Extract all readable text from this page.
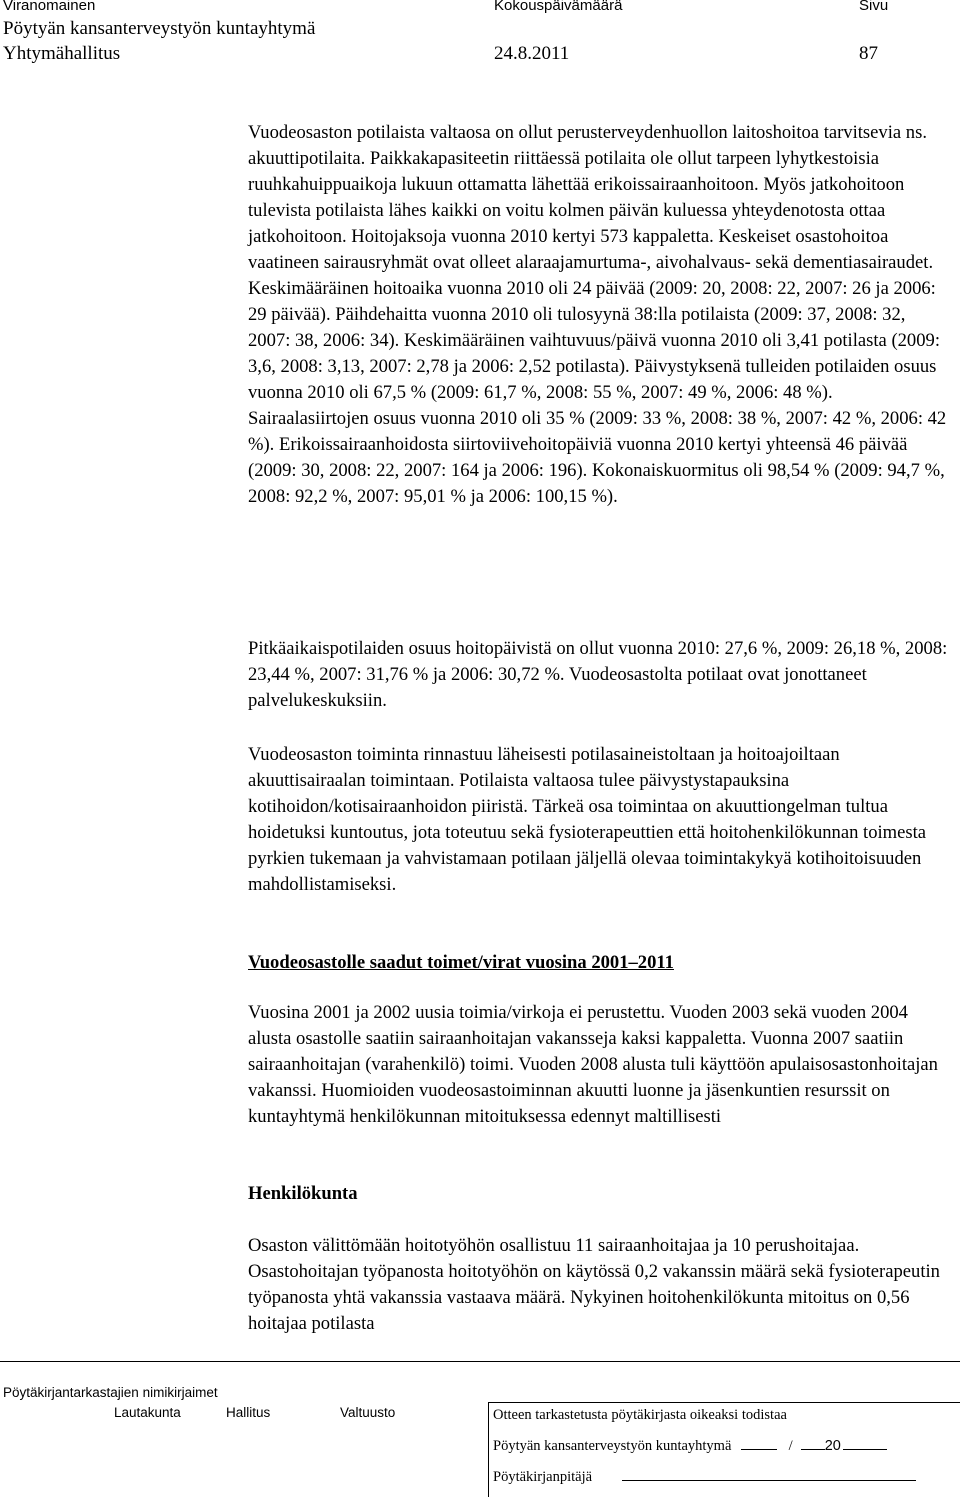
Viranomainen	Kokouspäivämäärä	Sivu
Pöytyän kansanterveystyön kuntayhtymä
Yhtymähallitus	24.8.2011	87

Vuodeosaston potilaista valtaosa on ollut perusterveydenhuollon laitoshoitoa tarvitsevia ns. akuuttipotilaita. Paikkakapasiteetin riittäessä potilaita ole ollut tarpeen lyhytkestoisia ruuhkahuippuaikoja lukuun ottamatta lähettää erikoissairaanhoitoon. Myös jatkohoitoon tulevista potilaista lähes kaikki on voitu kolmen päivän kuluessa yhteydenotosta ottaa jatkohoitoon. Hoitojaksoja vuonna 2010 kertyi 573 kappaletta. Keskeiset osastohoitoa vaatineen sairausryhmät ovat olleet alaraajamurtuma-, aivohalvaus- sekä dementiasairaudet. Keskimääräinen hoitoaika vuonna 2010 oli 24 päivää (2009: 20, 2008: 22, 2007: 26 ja 2006: 29 päivää). Päihdehaitta vuonna 2010 oli tulosyynä 38:lla potilaista (2009: 37, 2008: 32, 2007: 38, 2006: 34). Keskimääräinen vaihtuvuus/päivä vuonna 2010 oli 3,41 potilasta (2009: 3,6, 2008: 3,13, 2007: 2,78 ja 2006: 2,52 potilasta). Päivystyksenä tulleiden potilaiden osuus vuonna 2010 oli 67,5 % (2009: 61,7 %, 2008: 55 %, 2007: 49 %, 2006: 48 %). Sairaalasiirtojen osuus vuonna 2010 oli 35 % (2009: 33 %, 2008: 38 %, 2007: 42 %, 2006: 42 %). Erikoissairaanhoidosta siirtoviivehoitopäiviä vuonna 2010 kertyi yhteensä 46 päivää (2009: 30, 2008: 22, 2007: 164 ja 2006: 196). Kokonaiskuormitus oli 98,54 % (2009: 94,7 %, 2008: 92,2 %, 2007: 95,01 % ja 2006: 100,15 %).

Pitkäaikaispotilaiden osuus hoitopäivistä on ollut vuonna 2010: 27,6 %, 2009: 26,18 %, 2008: 23,44 %, 2007: 31,76 % ja 2006: 30,72 %. Vuodeosastolta potilaat ovat jonottaneet palvelukeskuksiin.

Vuodeosaston toiminta rinnastuu läheisesti potilasaineistoltaan ja hoitoajoiltaan akuuttisairaalan toimintaan. Potilaista valtaosa tulee päivystystapauksina kotihoidon/kotisairaanhoidon piiristä. Tärkeä osa toimintaa on akuuttiongelman tultua hoidetuksi kuntoutus, jota toteutuu sekä fysioterapeuttien että hoitohenkilökunnan toimesta pyrkien tukemaan ja vahvistamaan potilaan jäljellä olevaa toimintakykyä kotihoitoisuuden mahdollistamiseksi.

Vuodeosastolle saadut toimet/virat vuosina 2001–2011

Vuosina 2001 ja 2002 uusia toimia/virkoja ei perustettu. Vuoden 2003 sekä vuoden 2004 alusta osastolle saatiin sairaanhoitajan vakansseja kaksi kappaletta. Vuonna 2007 saatiin sairaanhoitajan (varahenkilö) toimi. Vuoden 2008 alusta tuli käyttöön apulaisosastonhoitajan vakanssi. Huomioiden vuodeosastoiminnan akuutti luonne ja jäsenkuntien resurssit on kuntayhtymä henkilökunnan mitoituksessa edennyt maltillisesti

Henkilökunta

Osaston välittömään hoitotyöhön osallistuu 11 sairaanhoitajaa ja 10 perushoitajaa. Osastohoitajan työpanosta hoitotyöhön on käytössä 0,2 vakanssin määrä sekä fysioterapeutin työpanosta yhtä vakanssia vastaava määrä. Nykyinen hoitohenkilökunta mitoitus on 0,56 hoitajaa potilasta

Pöytäkirjantarkastajien nimikirjaimet
Lautakunta	Hallitus	Valtuusto	Otteen tarkastetusta pöytäkirjasta oikeaksi todistaa
Pöytyän kansanterveystyön kuntayhtymä	/ 20
Pöytäkirjanpitäjä
